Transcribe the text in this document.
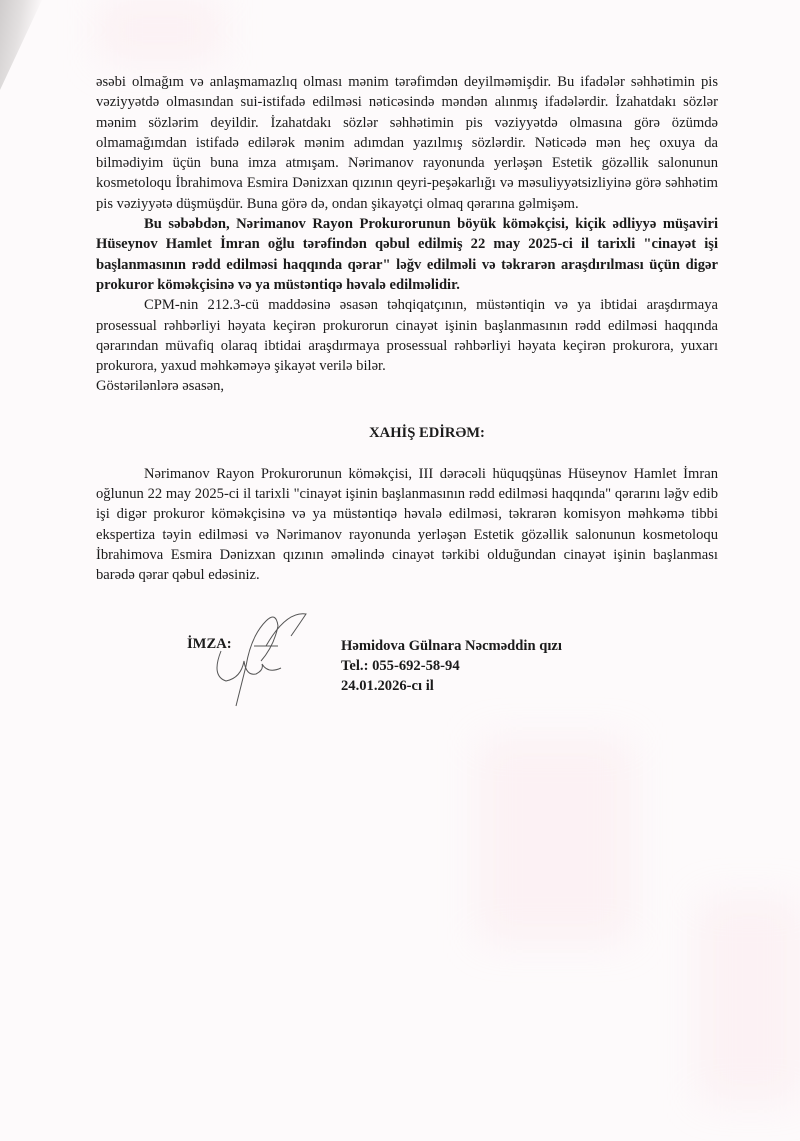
əsəbi olmağım və anlaşmamazlıq olması mənim tərəfimdən deyilməmişdir. Bu ifadələr səhhətimin pis vəziyyətdə olmasından sui-istifadə edilməsi nəticəsində məndən alınmış ifadələrdir. İzahatdakı sözlər mənim sözlərim deyildir. İzahatdakı sözlər səhhətimin pis vəziyyətdə olmasına görə özümdə olmamağımdan istifadə edilərək mənim adımdan yazılmış sözlərdir. Nəticədə mən heç oxuya da bilmədiyim üçün buna imza atmışam. Nərimanov rayonunda yerləşən Estetik gözəllik salonunun kosmetoloqu İbrahimova Esmira Dənizxan qızının qeyri-peşəkarlığı və məsuliyyətsizliyinə görə səhhətim pis vəziyyətə düşmüşdür. Buna görə də, ondan şikayətçi olmaq qərarına gəlmişəm.

Bu səbəbdən, Nərimanov Rayon Prokurorunun böyük köməkçisi, kiçik ədliyyə müşaviri Hüseynov Hamlet İmran oğlu tərəfindən qəbul edilmiş 22 may 2025-ci il tarixli "cinayət işi başlanmasının rədd edilməsi haqqında qərar" ləğv edilməli və təkrarən araşdırılması üçün digər prokuror köməkçisinə və ya müstəntiqə həvalə edilməlidir.

CPM-nin 212.3-cü maddəsinə əsasən təhqiqatçının, müstəntiqin və ya ibtidai araşdırmaya prosessual rəhbərliyi həyata keçirən prokurorun cinayət işinin başlanmasının rədd edilməsi haqqında qərarından müvafiq olaraq ibtidai araşdırmaya prosessual rəhbərliyi həyata keçirən prokurora, yuxarı prokurora, yaxud məhkəməyə şikayət verilə bilər.

Göstərilənlərə əsasən,

XAHİŞ EDİRƏM:

Nərimanov Rayon Prokurorunun köməkçisi, III dərəcəli hüquqşünas Hüseynov Hamlet İmran oğlunun 22 may 2025-ci il tarixli "cinayət işinin başlanmasının rədd edilməsi haqqında" qərarını ləğv edib işi digər prokuror köməkçisinə və ya müstəntiqə həvalə edilməsi, təkrarən komisyon məhkəmə tibbi ekspertiza təyin edilməsi və Nərimanov rayonunda yerləşən Estetik gözəllik salonunun kosmetoloqu İbrahimova Esmira Dənizxan qızının əməlində cinayət tərkibi olduğundan cinayət işinin başlanması barədə qərar qəbul edəsiniz.

İMZA:	Həmidova Gülnara Nəcməddin qızı
Tel.: 055-692-58-94
24.01.2026-cı il
